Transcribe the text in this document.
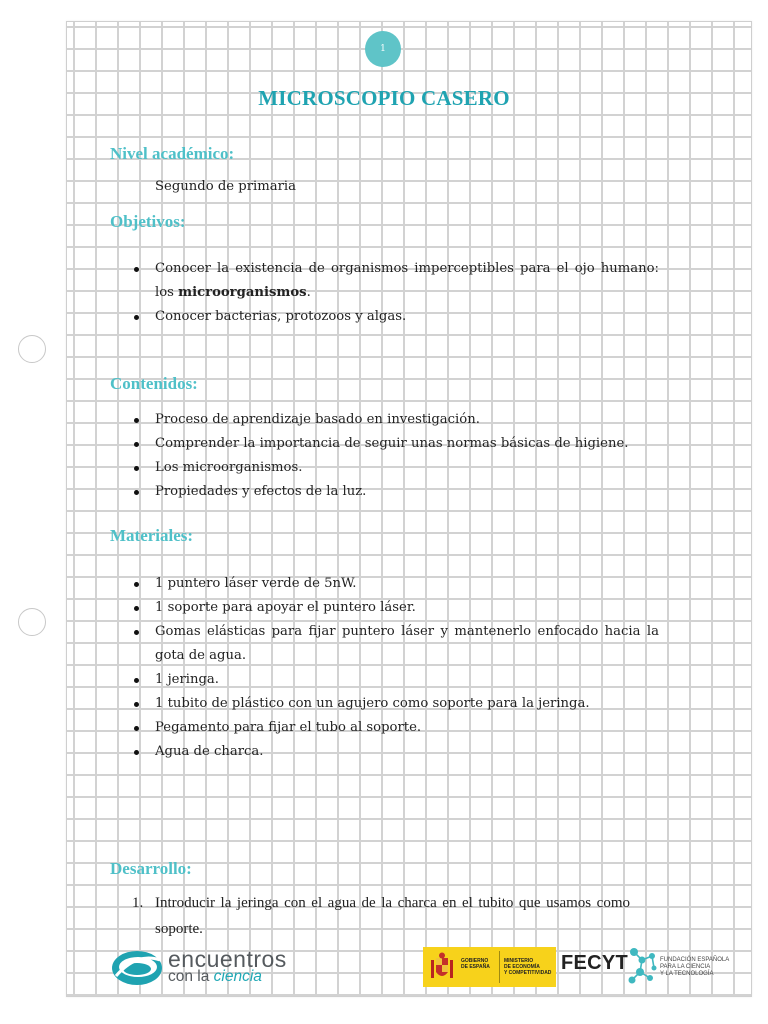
1
MICROSCOPIO CASERO
Nivel académico:
Segundo de primaria
Objetivos:
Conocer la existencia de organismos imperceptibles para el ojo humano: los microorganismos.
Conocer bacterias, protozoos y algas.
Contenidos:
Proceso de aprendizaje basado en investigación.
Comprender la importancia de seguir unas normas básicas de higiene.
Los microorganismos.
Propiedades y efectos de la luz.
Materiales:
1 puntero láser verde de 5nW.
1 soporte para apoyar el puntero láser.
Gomas elásticas para fijar puntero láser y mantenerlo enfocado hacia la gota de agua.
1 jeringa.
1 tubito de plástico con un agujero como soporte para la jeringa.
Pegamento para fijar el tubo al soporte.
Agua de charca.
Desarrollo:
1. Introducir la jeringa con el agua de la charca en el tubito que usamos como soporte.
encuentros
con la ciencia
GOBIERNO
DE ESPAÑA
MINISTERIO
DE ECONOMÍA
Y COMPETITIVIDAD FECYT	FUNDACIÓN ESPAÑOLA
PARA LA CIENCIA
Y LA TECNOLOGÍA
